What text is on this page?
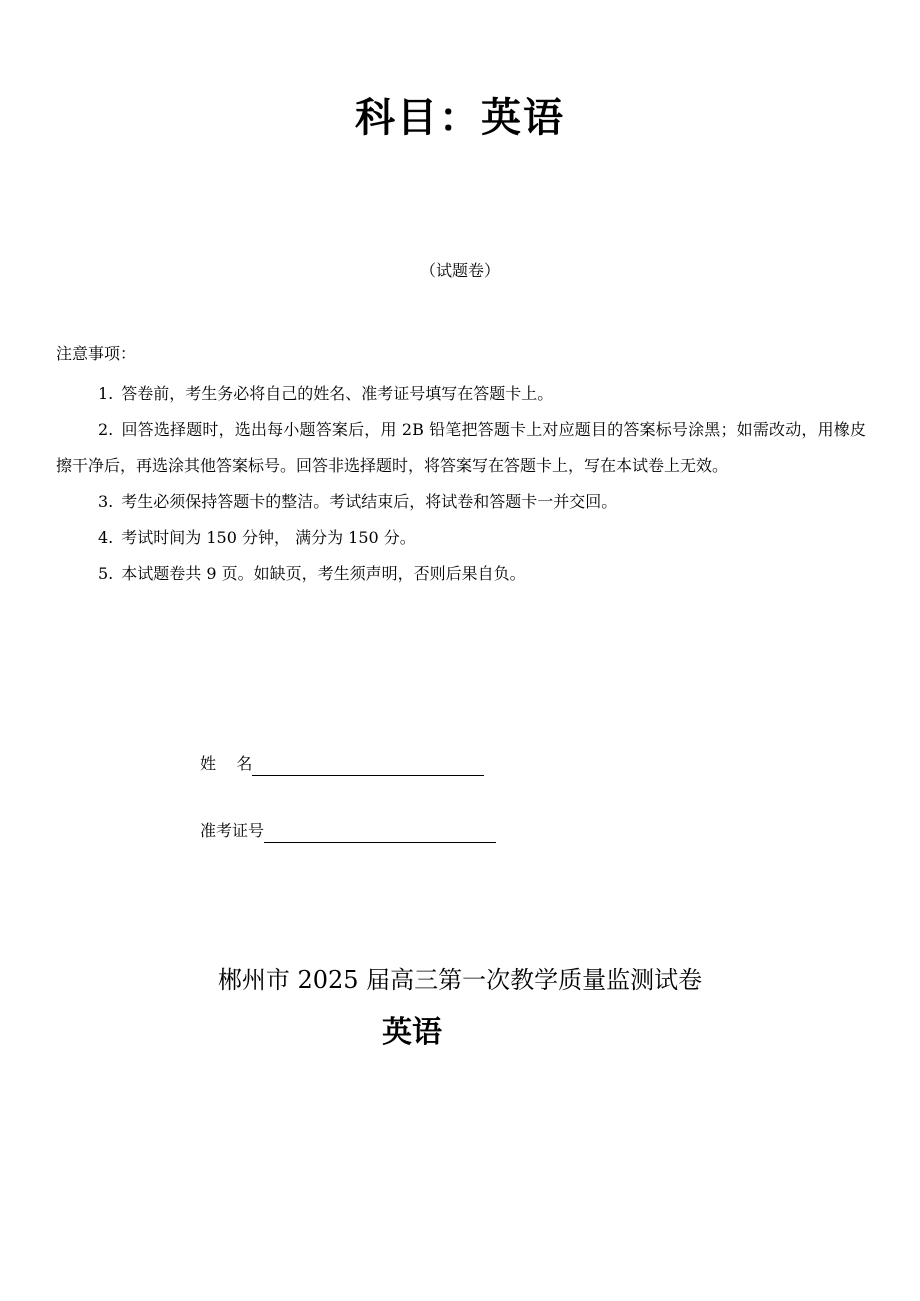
科目：英语
（试题卷）
注意事项：

1. 答卷前，考生务必将自己的姓名、准考证号填写在答题卡上。

2. 回答选择题时，选出每小题答案后，用 2B 铅笔把答题卡上对应题目的答案标号涂黑；如需改动，用橡皮擦干净后，再选涂其他答案标号。回答非选择题时，将答案写在答题卡上，写在本试卷上无效。

3. 考生必须保持答题卡的整洁。考试结束后，将试卷和答题卡一并交回。

4. 考试时间为 150 分钟， 满分为 150 分。

5. 本试题卷共 9 页。如缺页，考生须声明，否则后果自负。

姓    名
准考证号
郴州市 2025 届高三第一次教学质量监测试卷
英语
